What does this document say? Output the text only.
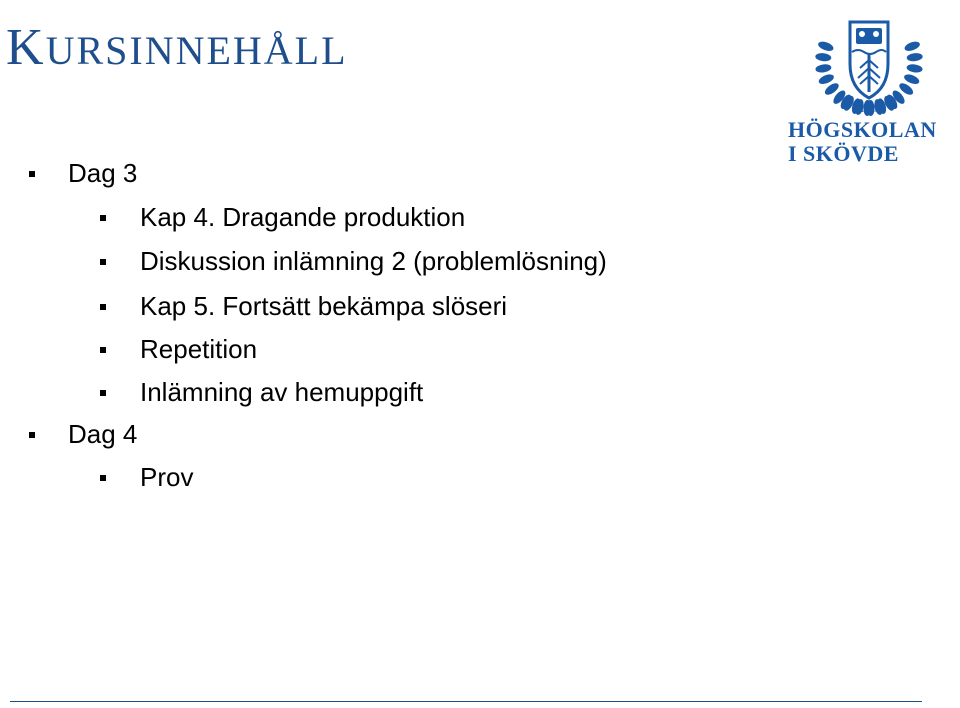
KURSINNEHÅLL
1977
HÖGSKOLAN
I SKÖVDE
Dag 3
Kap 4. Dragande produktion
Diskussion inlämning 2 (problemlösning)
Kap 5. Fortsätt bekämpa slöseri
Repetition
Inlämning av hemuppgift
Dag 4
Prov
